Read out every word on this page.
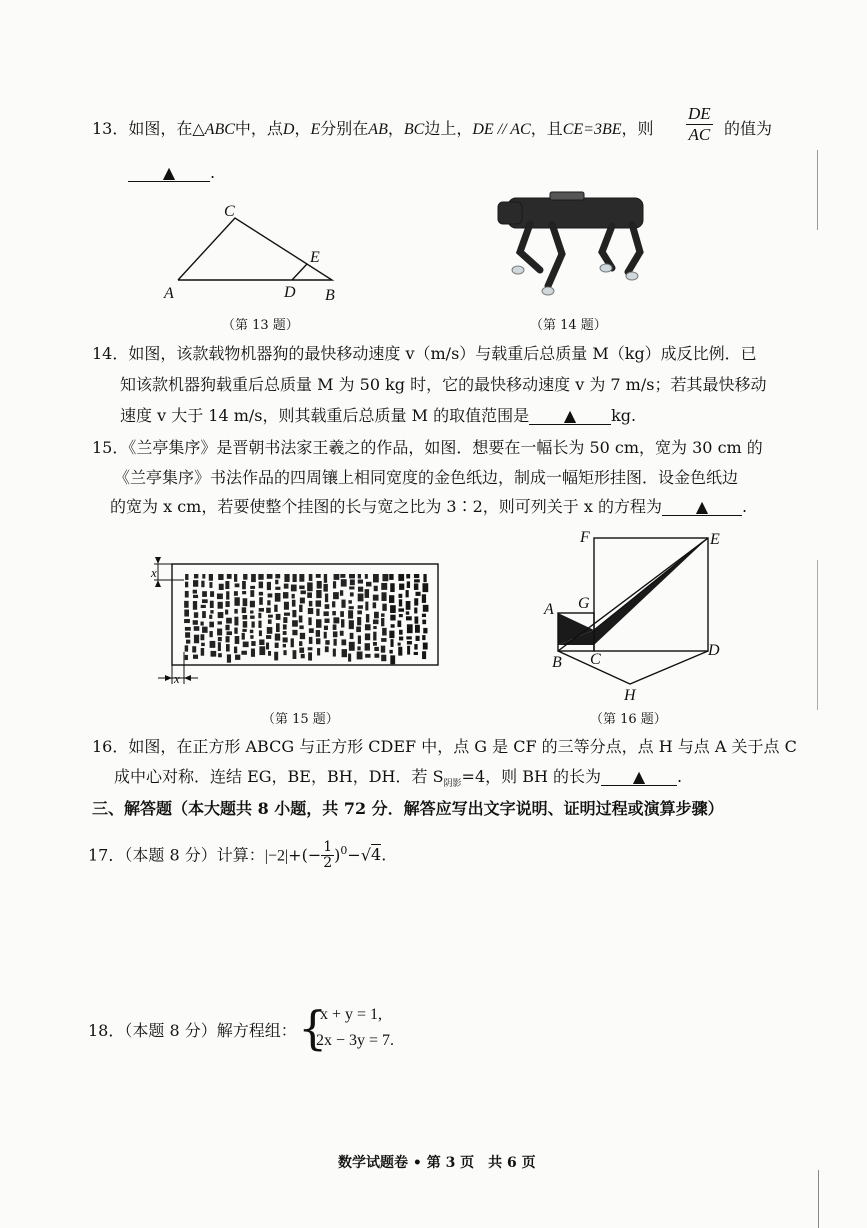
13．如图，在△ABC中，点D，E分别在AB，BC边上，DE // AC，且CE=3BE，则 $\frac{DE}{AC}$ 的值为
▲ .
A	B
C
D
E
（第 13 题）	（第 14 题）
14．如图，该款载物机器狗的最快移动速度 v（m/s）与载重后总质量 M（kg）成反比例．已
知该款机器狗载重后总质量 M 为 50 kg 时，它的最快移动速度 v 为 7 m/s；若其最快移动
速度 v 大于 14 m/s，则其载重后总质量 M 的取值范围是 ▲ kg.
15．《兰亭集序》是晋朝书法家王羲之的作品，如图．想要在一幅长为 50 cm，宽为 30 cm 的
《兰亭集序》书法作品的四周镶上相同宽度的金色纸边，制成一幅矩形挂图．设金色纸边
的宽为 x cm，若要使整个挂图的长与宽之比为 3∶2，则可列关于 x 的方程为 ▲ .
x
x
（第 15 题）
A
B C
D
E
F
G
H
（第 16 题）
16．如图，在正方形 ABCG 与正方形 CDEF 中，点 G 是 CF 的三等分点，点 H 与点 A 关于点 C
成中心对称．连结 EG，BE，BH，DH．若 $S_{阴影}=4$，则 BH 的长为 ▲ .
三、解答题（本大题共 8 小题，共 72 分．解答应写出文字说明、证明过程或演算步骤）
17．（本题 8 分）计算：$|-2|+(- \frac{1}{2} )^0-√4$.
18．（本题 8 分）解方程组： {
x + y = 1,
2x − 3y = 7.
数学试题卷 • 第 3 页　共 6 页
